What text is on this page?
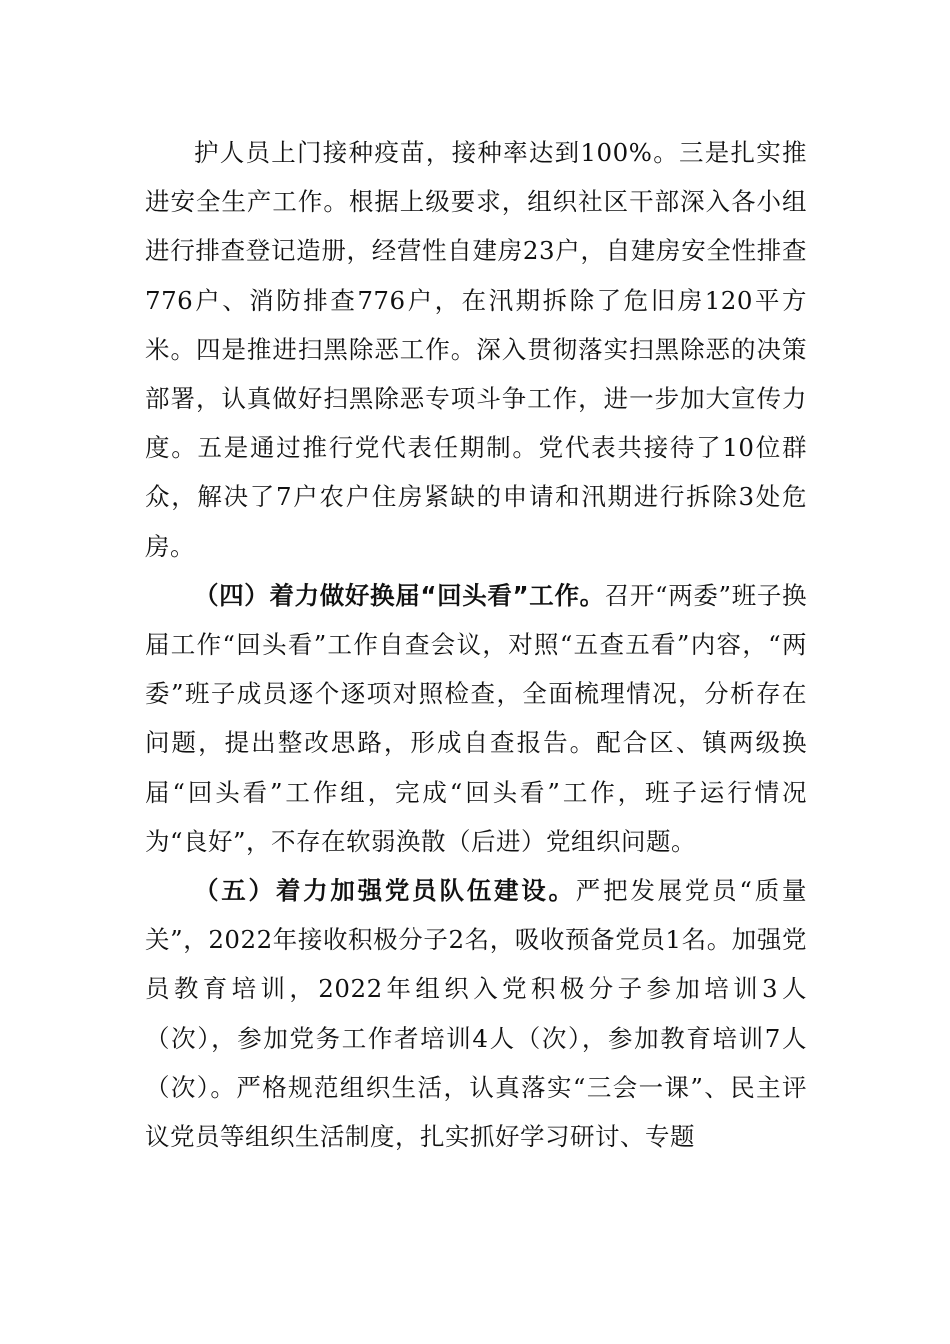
护人员上门接种疫苗，接种率达到100%。三是扎实推进安全生产工作。根据上级要求，组织社区干部深入各小组进行排查登记造册，经营性自建房23户，自建房安全性排查776户、消防排查776户，在汛期拆除了危旧房120平方米。四是推进扫黑除恶工作。深入贯彻落实扫黑除恶的决策部署，认真做好扫黑除恶专项斗争工作，进一步加大宣传力度。五是通过推行党代表任期制。党代表共接待了10位群众，解决了7户农户住房紧缺的申请和汛期进行拆除3处危房。

（四）着力做好换届“回头看”工作。召开“两委”班子换届工作“回头看”工作自查会议，对照“五查五看”内容，“两委”班子成员逐个逐项对照检查，全面梳理情况，分析存在问题，提出整改思路，形成自查报告。配合区、镇两级换届“回头看”工作组，完成“回头看”工作，班子运行情况为“良好”，不存在软弱涣散（后进）党组织问题。

（五）着力加强党员队伍建设。严把发展党员“质量关”，2022年接收积极分子2名，吸收预备党员1名。加强党员教育培训，2022年组织入党积极分子参加培训3人（次），参加党务工作者培训4人（次），参加教育培训7人（次）。严格规范组织生活，认真落实“三会一课”、民主评议党员等组织生活制度，扎实抓好学习研讨、专题
